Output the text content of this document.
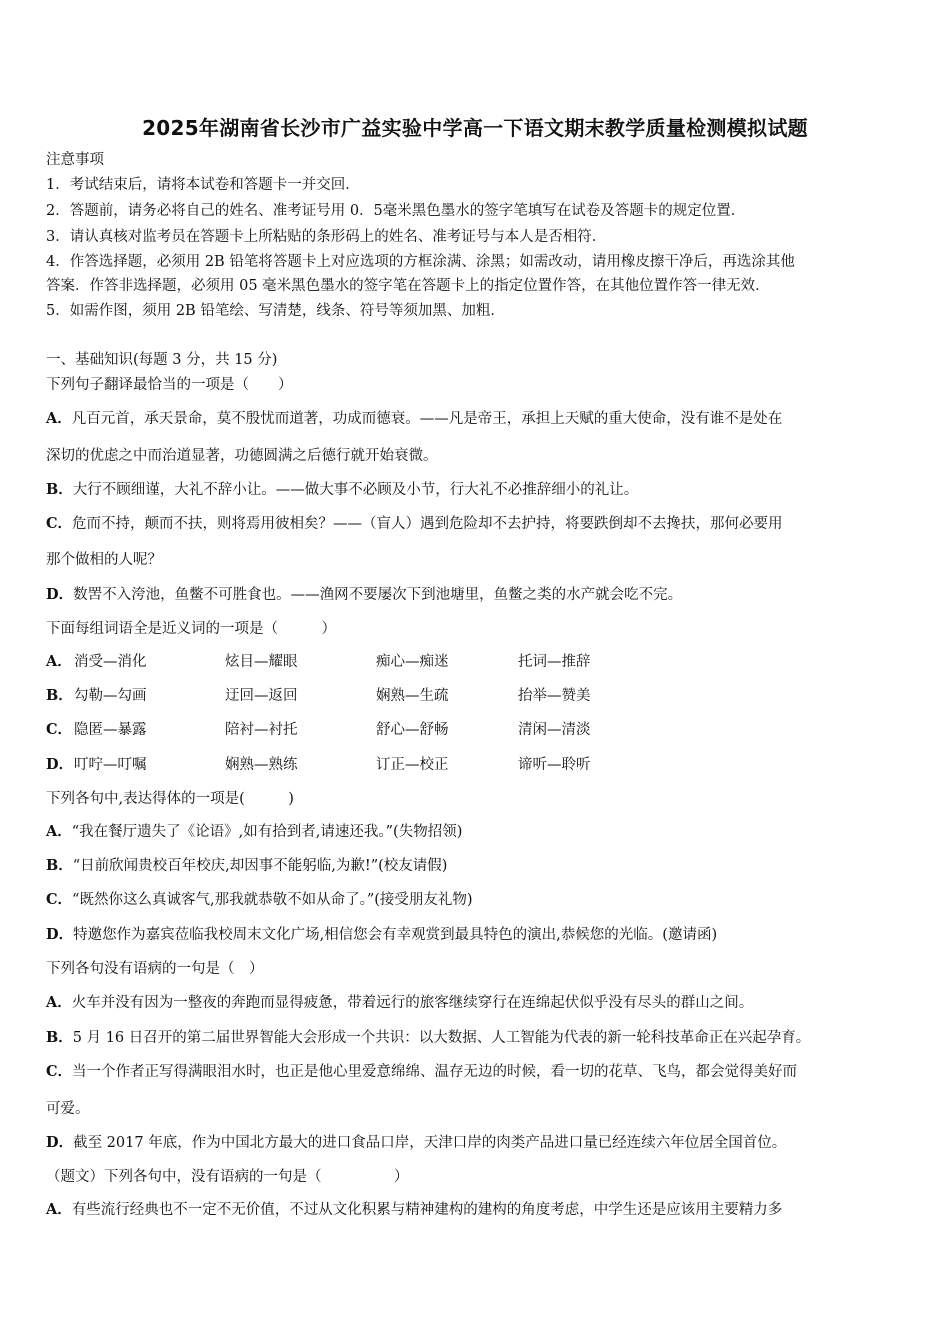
2025年湖南省长沙市广益实验中学高一下语文期末教学质量检测模拟试题
注意事项
1．考试结束后，请将本试卷和答题卡一并交回．
2．答题前，请务必将自己的姓名、准考证号用 0．5毫米黑色墨水的签字笔填写在试卷及答题卡的规定位置．
3．请认真核对监考员在答题卡上所粘贴的条形码上的姓名、准考证号与本人是否相符．
4．作答选择题，必须用 2B 铅笔将答题卡上对应选项的方框涂满、涂黑；如需改动，请用橡皮擦干净后，再选涂其他
答案．作答非选择题，必须用 05 毫米黑色墨水的签字笔在答题卡上的指定位置作答，在其他位置作答一律无效．
5．如需作图，须用 2B 铅笔绘、写清楚，线条、符号等须加黑、加粗．
一、基础知识(每题 3 分，共 15 分)
下列句子翻译最恰当的一项是（　　）
A．凡百元首，承天景命，莫不殷忧而道著，功成而德衰。——凡是帝王，承担上天赋的重大使命，没有谁不是处在
深切的优虑之中而治道显著，功德圆满之后德行就开始衰微。
B．大行不顾细谨，大礼不辞小让。——做大事不必顾及小节，行大礼不必推辞细小的礼让。
C．危而不持，颠而不扶，则将焉用彼相矣？——（盲人）遇到危险却不去护持，将要跌倒却不去搀扶，那何必要用
那个做相的人呢？
D．数罟不入洿池，鱼鳖不可胜食也。——渔网不要屡次下到池塘里，鱼鳖之类的水产就会吃不完。
下面每组词语全是近义词的一项是（　　　）
A． 消受—消化	炫目—耀眼	痴心—痴迷	托词—推辞
B． 勾勒—勾画	迂回—返回	娴熟—生疏	抬举—赞美
C． 隐匿—暴露	陪衬—衬托	舒心—舒畅	清闲—清淡
D． 叮咛—叮嘱	娴熟—熟练	订正—校正	谛听—聆听
下列各句中,表达得体的一项是(　　　)
A．“我在餐厅遗失了《论语》,如有拾到者,请速还我。”(失物招领)
B．“日前欣闻贵校百年校庆,却因事不能躬临,为歉!”(校友请假)
C．“既然你这么真诚客气,那我就恭敬不如从命了。”(接受朋友礼物)
D．特邀您作为嘉宾莅临我校周末文化广场,相信您会有幸观赏到最具特色的演出,恭候您的光临。(邀请函)
下列各句没有语病的一句是（　）
A．火车并没有因为一整夜的奔跑而显得疲惫，带着远行的旅客继续穿行在连绵起伏似乎没有尽头的群山之间。
B．5 月 16 日召开的第二届世界智能大会形成一个共识：以大数据、人工智能为代表的新一轮科技革命正在兴起孕育。
C．当一个作者正写得满眼泪水时，也正是他心里爱意绵绵、温存无边的时候，看一切的花草、飞鸟，都会觉得美好而
可爱。
D．截至 2017 年底，作为中国北方最大的进口食品口岸，天津口岸的肉类产品进口量已经连续六年位居全国首位。
（题文）下列各句中，没有语病的一句是（　　　　　）
A．有些流行经典也不一定不无价值，不过从文化积累与精神建构的建构的角度考虑，中学生还是应该用主要精力多
